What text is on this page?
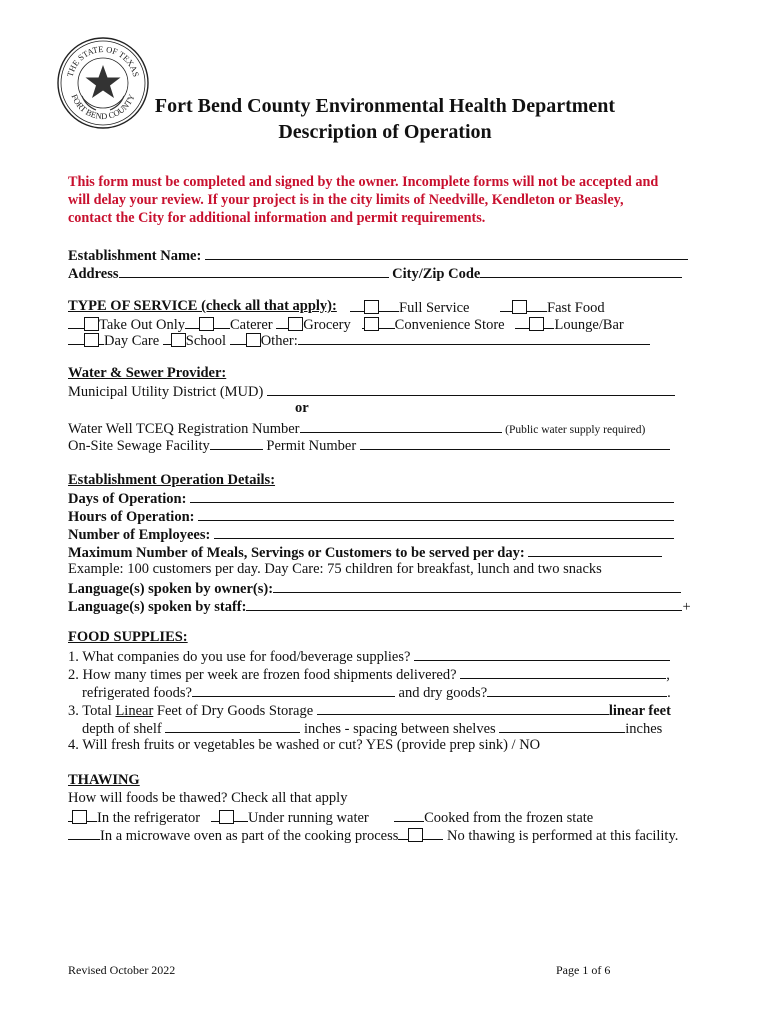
THE STATE OF TEXAS
FORT BEND COUNTY Fort Bend County Environmental Health Department
Description of Operation
This form must be completed and signed by the owner. Incomplete forms will not be accepted and
will delay your review. If your project is in the city limits of Needville, Kendleton or Beasley,
contact the City for additional information and permit requirements.
Establishment Name:
Address	City/Zip Code
TYPE OF SERVICE (check all that apply):	Full Service	Fast Food
Take Out Only	Caterer Grocery	Convenience Store	Lounge/Bar
Day Care School Other:
Water & Sewer Provider:
Municipal Utility District (MUD)
or
Water Well TCEQ Registration Number	(Public water supply required)
On-Site Sewage Facility	Permit Number
Establishment Operation Details:
Days of Operation:
Hours of Operation:
Number of Employees:
Maximum Number of Meals, Servings or Customers to be served per day:
Example: 100 customers per day. Day Care: 75 children for breakfast, lunch and two snacks
Language(s) spoken by owner(s):
Language(s) spoken by staff:	+
FOOD SUPPLIES:
1. What companies do you use for food/beverage supplies?
2. How many times per week are frozen food shipments delivered?	,
refrigerated foods?	and dry goods?	.
3. Total Linear Feet of Dry Goods Storage	linear feet
depth of shelf	inches - spacing between shelves	inches
4. Will fresh fruits or vegetables be washed or cut? YES (provide prep sink) / NO
THAWING
How will foods be thawed? Check all that apply
In the refrigerator	Under running water	Cooked from the frozen state
In a microwave oven as part of the cooking process	No thawing is performed at this facility.
Revised October 2022	Page 1 of 6
